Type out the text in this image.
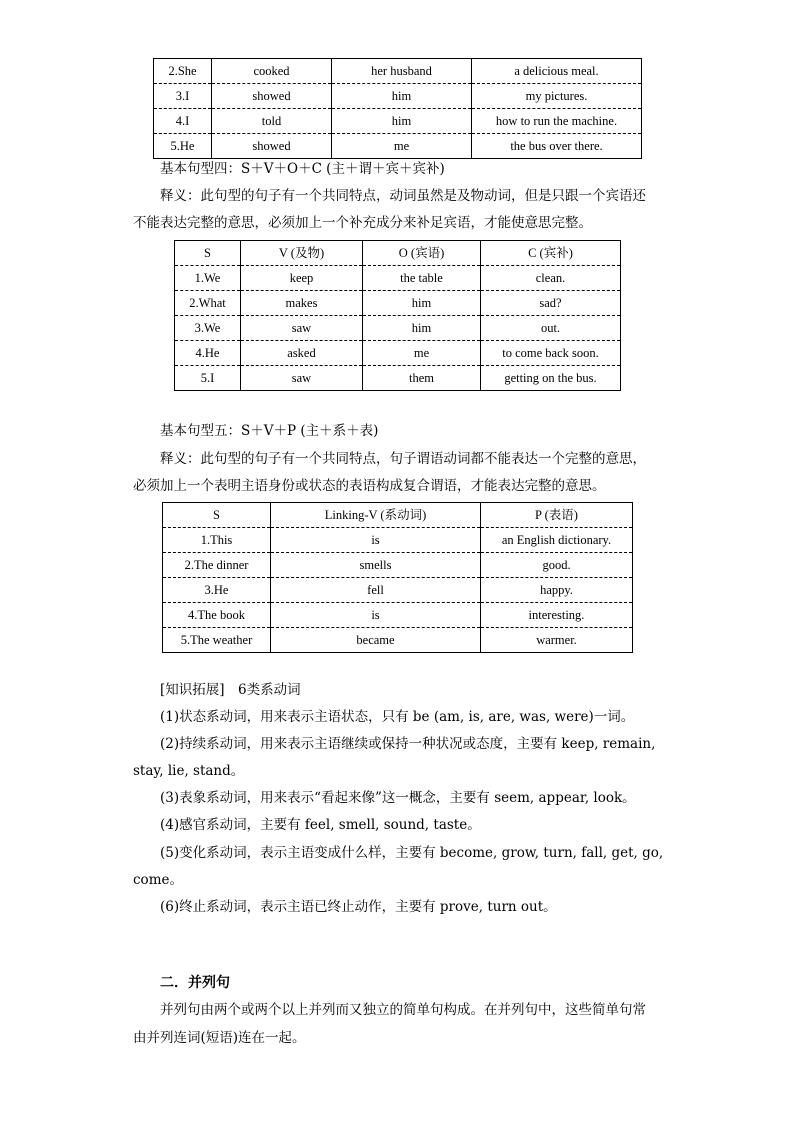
2.She	cooked	her husband	a delicious meal.
3.I	showed	him	my pictures.
4.I	told	him	how to run the machine.
5.He	showed	me	the bus over there.
基本句型四：S＋V＋O＋C (主＋谓＋宾＋宾补)
释义：此句型的句子有一个共同特点，动词虽然是及物动词，但是只跟一个宾语还
不能表达完整的意思，必须加上一个补充成分来补足宾语，才能使意思完整。
S	V (及物)	O (宾语)	C (宾补)
1.We	keep	the table	clean.
2.What	makes	him	sad?
3.We	saw	him	out.
4.He	asked	me	to come back soon.
5.I	saw	them	getting on the bus.
基本句型五：S＋V＋P (主＋系＋表)
释义：此句型的句子有一个共同特点，句子谓语动词都不能表达一个完整的意思，
必须加上一个表明主语身份或状态的表语构成复合谓语，才能表达完整的意思。
S	Linking-V (系动词)	P (表语)
1.This	is	an English dictionary.
2.The dinner	smells	good.
3.He	fell	happy.
4.The book	is	interesting.
5.The weather	became	warmer.
[知识拓展]　6类系动词
(1)状态系动词，用来表示主语状态，只有 be (am, is, are, was, were)一词。
(2)持续系动词，用来表示主语继续或保持一种状况或态度，主要有 keep, remain,
stay, lie, stand。
(3)表象系动词，用来表示“看起来像”这一概念，主要有 seem, appear, look。
(4)感官系动词，主要有 feel, smell, sound, taste。
(5)变化系动词，表示主语变成什么样，主要有 become, grow, turn, fall, get, go,
come。
(6)终止系动词，表示主语已终止动作，主要有 prove, turn out。
二．并列句
并列句由两个或两个以上并列而又独立的简单句构成。在并列句中，这些简单句常
由并列连词(短语)连在一起。
